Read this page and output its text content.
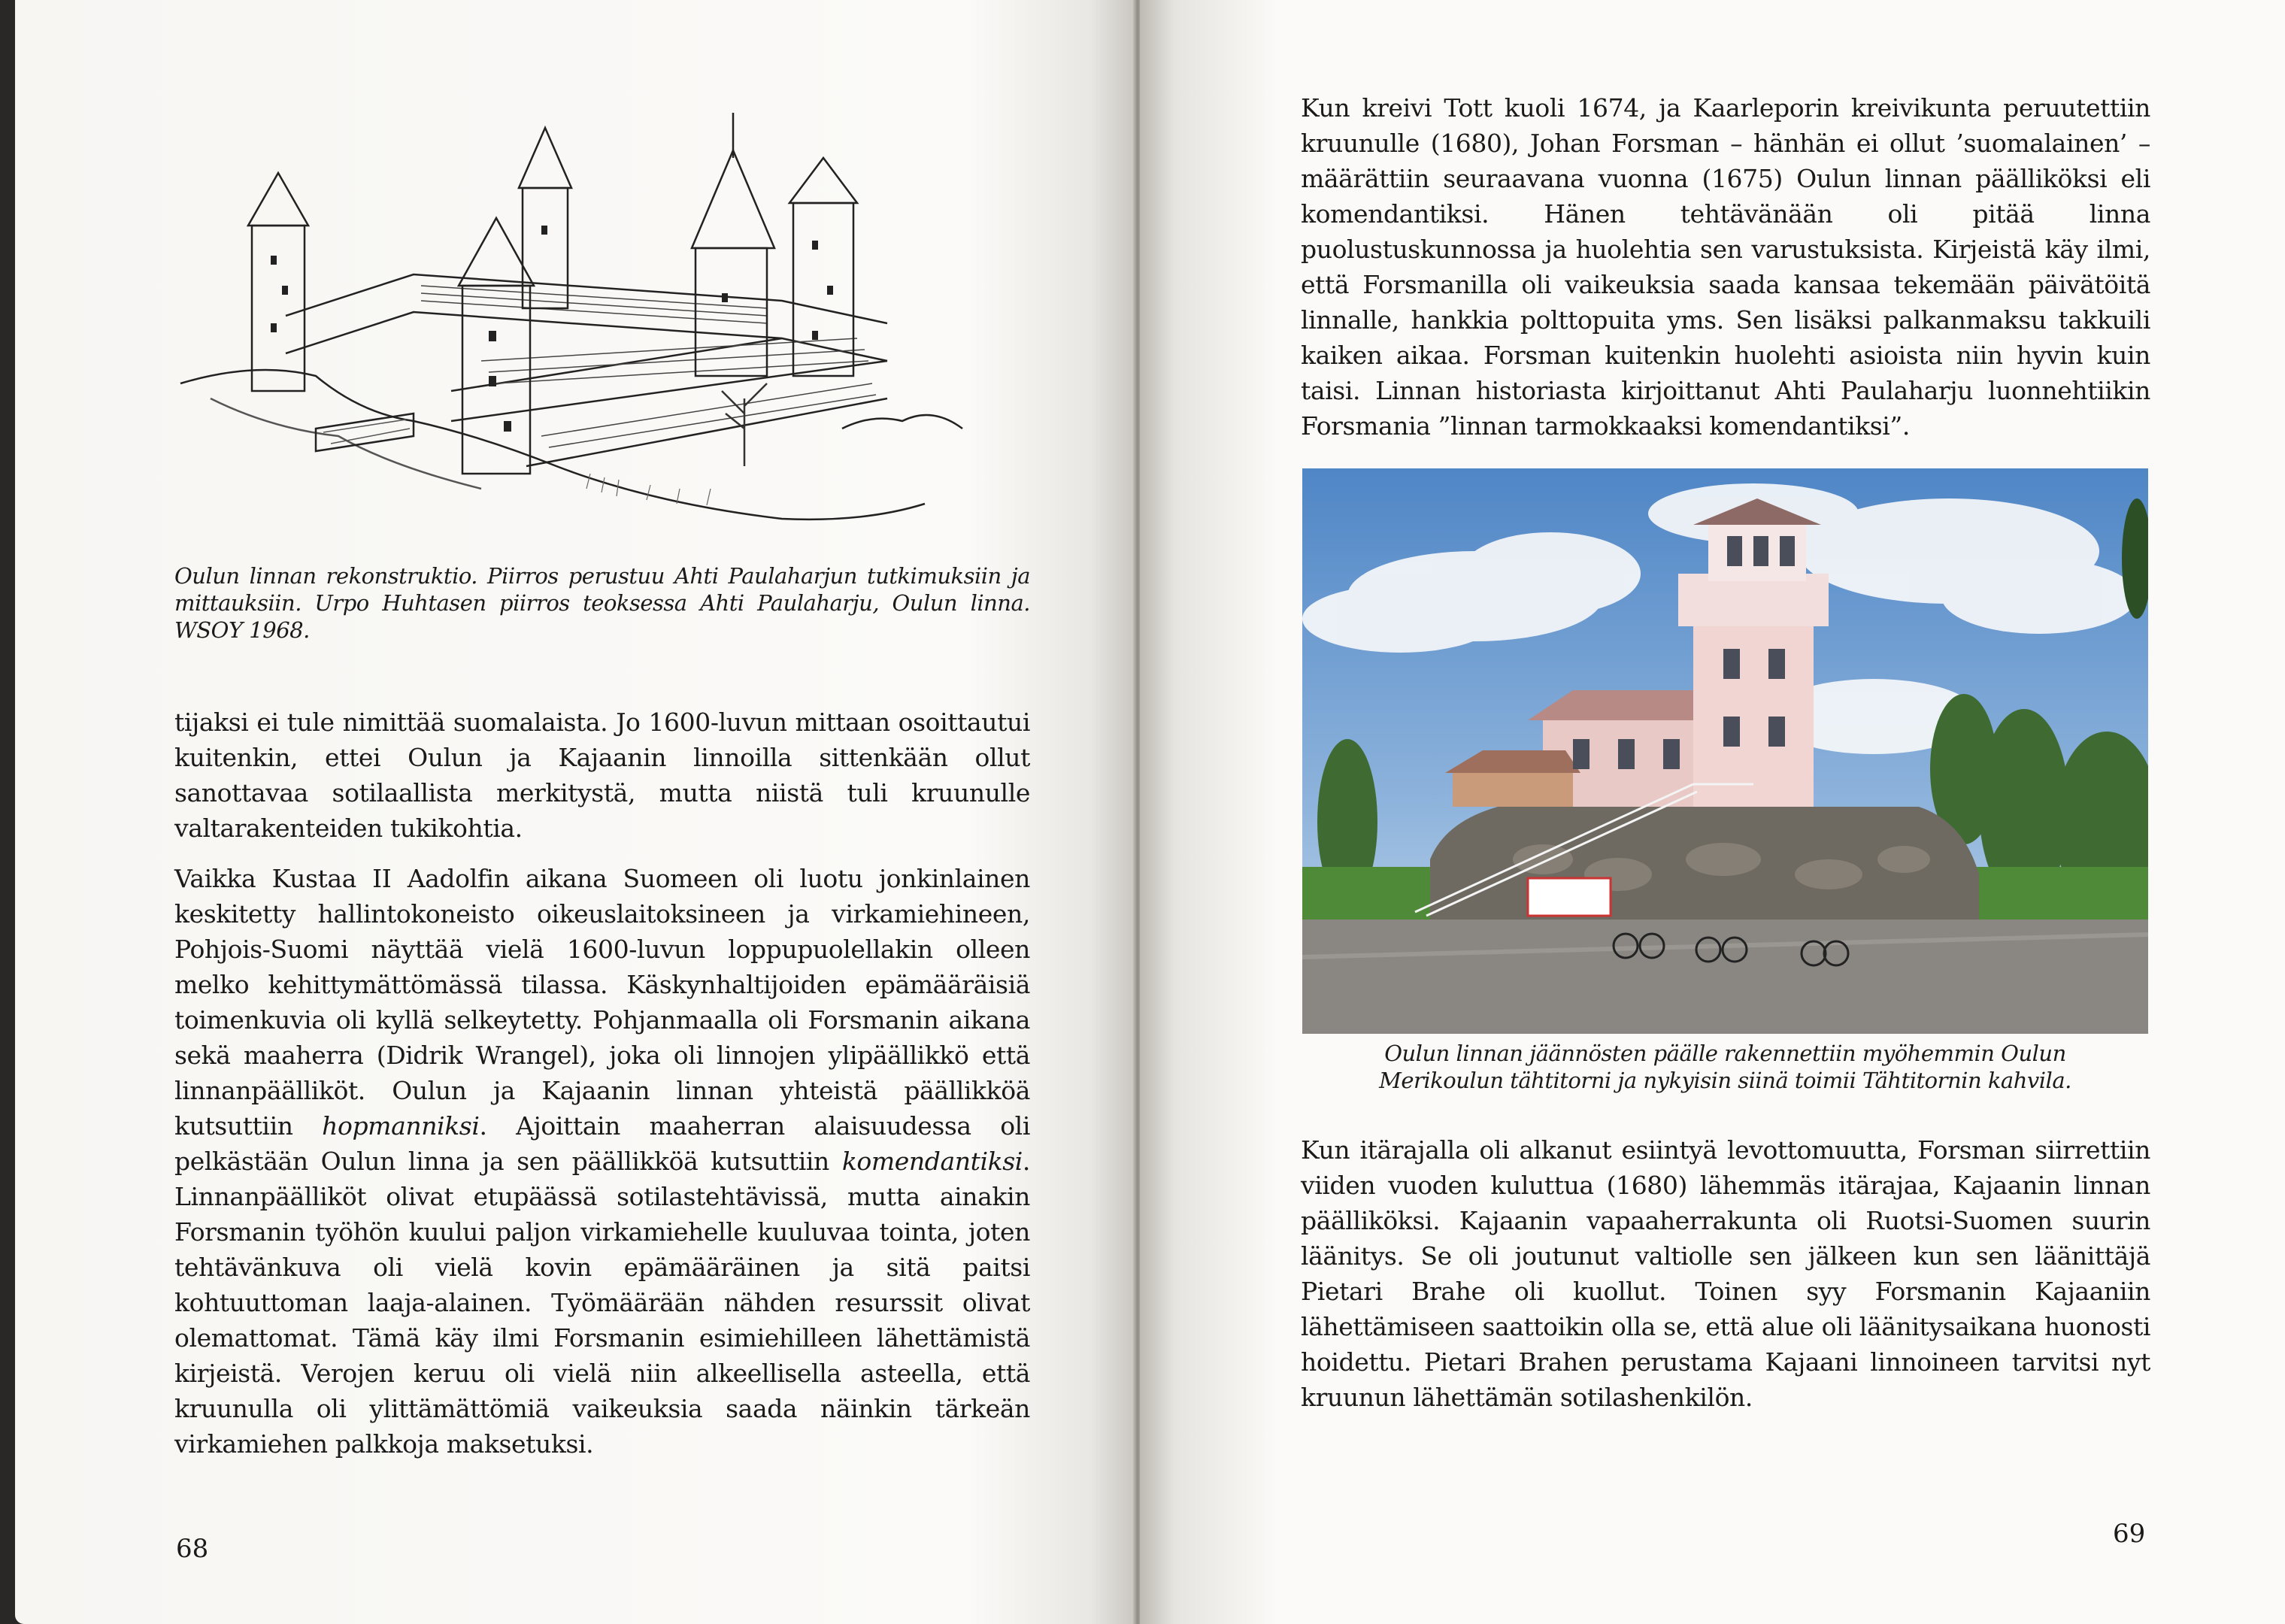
Oulun linnan rekonstruktio. Piirros perustuu Ahti Paulaharjun tutkimuksiin ja mittauksiin. Urpo Huhtasen piirros teoksessa Ahti Paulaharju, Oulun linna. WSOY 1968.

tijaksi ei tule nimittää suomalaista. Jo 1600-luvun mittaan osoittautui kuitenkin, ettei Oulun ja Kajaanin linnoilla sittenkään ollut sanottavaa sotilaallista merkitystä, mutta niistä tuli kruunulle valtarakenteiden tukikohtia.

Vaikka Kustaa II Aadolfin aikana Suomeen oli luotu jonkinlainen keskitetty hallintokoneisto oikeuslaitoksineen ja virkamiehineen, Pohjois-Suomi näyttää vielä 1600-luvun loppupuolellakin olleen melko kehittymättömässä tilassa. Käskynhaltijoiden epämääräisiä toimenkuvia oli kyllä selkeytetty. Pohjanmaalla oli Forsmanin aikana sekä maaherra (Didrik Wrangel), joka oli linnojen ylipäällikkö että linnanpäälliköt. Oulun ja Kajaanin linnan yhteistä päällikköä kutsuttiin hopmanniksi. Ajoittain maaherran alaisuudessa oli pelkästään Oulun linna ja sen päällikköä kutsuttiin komendantiksi. Linnanpäälliköt olivat etupäässä sotilastehtävissä, mutta ainakin Forsmanin työhön kuului paljon virkamiehelle kuuluvaa tointa, joten tehtävänkuva oli vielä kovin epämääräinen ja sitä paitsi kohtuuttoman laaja-alainen. Työmäärään nähden resurssit olivat olemattomat. Tämä käy ilmi Forsmanin esimiehilleen lähettämistä kirjeistä. Verojen keruu oli vielä niin alkeellisella asteella, että kruunulla oli ylittämättömiä vaikeuksia saada näinkin tärkeän virkamiehen palkkoja maksetuksi.

68

Kun kreivi Tott kuoli 1674, ja Kaarleporin kreivikunta peruutettiin kruunulle (1680), Johan Forsman – hänhän ei ollut ’suomalainen’ – määrättiin seuraavana vuonna (1675) Oulun linnan päälliköksi eli komendantiksi. Hänen tehtävänään oli pitää linna puolustuskunnossa ja huolehtia sen varustuksista. Kirjeistä käy ilmi, että Forsmanilla oli vaikeuksia saada kansaa tekemään päivätöitä linnalle, hankkia polttopuita yms. Sen lisäksi palkanmaksu takkuili kaiken aikaa. Forsman kuitenkin huolehti asioista niin hyvin kuin taisi. Linnan historiasta kirjoittanut Ahti Paulaharju luonnehtiikin Forsmania ”linnan tarmokkaaksi komendantiksi”.

Oulun linnan jäännösten päälle rakennettiin myöhemmin Oulun
Merikoulun tähtitorni ja nykyisin siinä toimii Tähtitornin kahvila.

Kun itärajalla oli alkanut esiintyä levottomuutta, Forsman siirrettiin viiden vuoden kuluttua (1680) lähemmäs itärajaa, Kajaanin linnan päälliköksi. Kajaanin vapaaherrakunta oli Ruotsi-Suomen suurin läänitys. Se oli joutunut valtiolle sen jälkeen kun sen läänittäjä Pietari Brahe oli kuollut. Toinen syy Forsmanin Kajaaniin lähettämiseen saattoikin olla se, että alue oli läänitysaikana huonosti hoidettu. Pietari Brahen perustama Kajaani linnoineen tarvitsi nyt kruunun lähettämän sotilashenkilön.

69
